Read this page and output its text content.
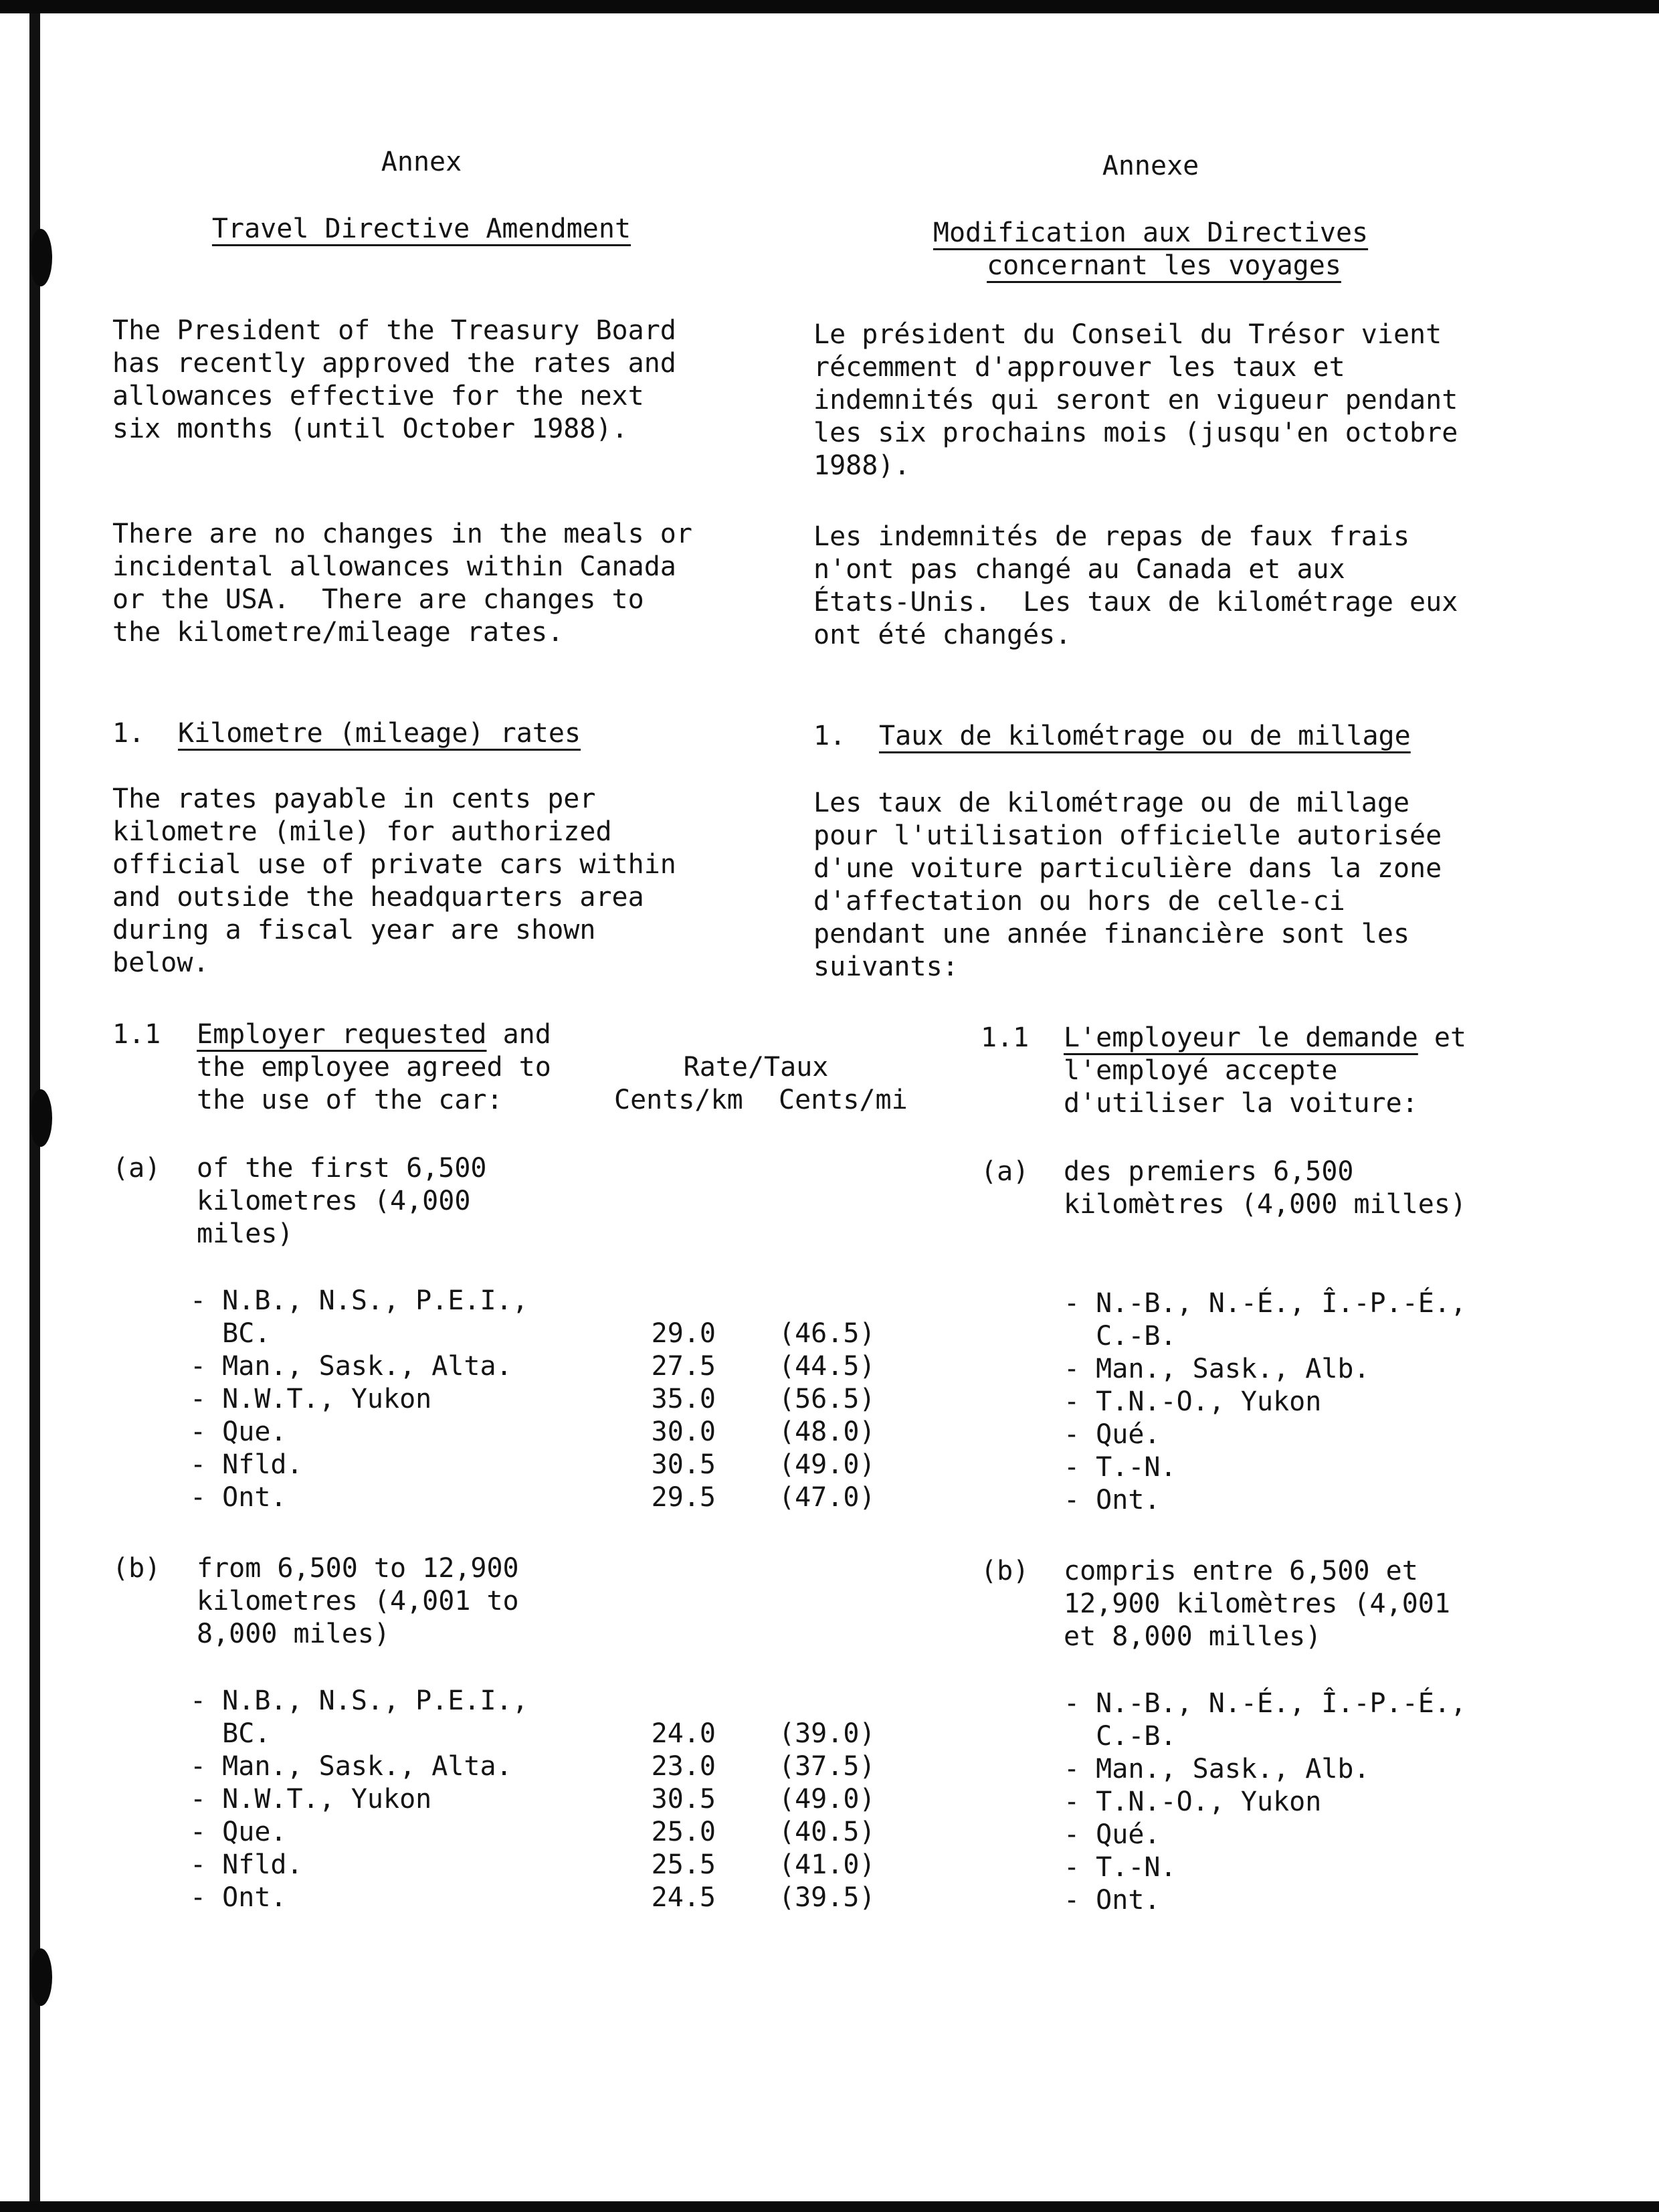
Annex
Travel Directive Amendment
The President of the Treasury Board
has recently approved the rates and
allowances effective for the next
six months (until October 1988).
There are no changes in the meals or
incidental allowances within Canada
or the USA.  There are changes to
the kilometre/mileage rates.
1. Kilometre (mileage) rates
The rates payable in cents per
kilometre (mile) for authorized
official use of private cars within
and outside the headquarters area
during a fiscal year are shown
below.
1.1 Employer requested and
the employee agreed to
the use of the car:
(a) of the first 6,500
kilometres (4,000
miles)
- N.B., N.S., P.E.I.,
BC.
- Man., Sask., Alta.
- N.W.T., Yukon
- Que.
- Nfld.
- Ont.
(b) from 6,500 to 12,900
kilometres (4,001 to
8,000 miles)
- N.B., N.S., P.E.I.,
BC.
- Man., Sask., Alta.
- N.W.T., Yukon
- Que.
- Nfld.
- Ont.
Rate/Taux
Cents/km Cents/mi
29.0 (46.5)
27.5 (44.5)
35.0 (56.5)
30.0 (48.0)
30.5 (49.0)
29.5 (47.0)
24.0 (39.0)
23.0 (37.5)
30.5 (49.0)
25.0 (40.5)
25.5 (41.0)
24.5 (39.5)
Annexe
Modification aux Directives
concernant les voyages
Le président du Conseil du Trésor vient
récemment d'approuver les taux et
indemnités qui seront en vigueur pendant
les six prochains mois (jusqu'en octobre
1988).
Les indemnités de repas de faux frais
n'ont pas changé au Canada et aux
États-Unis.  Les taux de kilométrage eux
ont été changés.
1. Taux de kilométrage ou de millage
Les taux de kilométrage ou de millage
pour l'utilisation officielle autorisée
d'une voiture particulière dans la zone
d'affectation ou hors de celle-ci
pendant une année financière sont les
suivants:
1.1 L'employeur le demande et
l'employé accepte
d'utiliser la voiture:
(a) des premiers 6,500
kilomètres (4,000 milles)
- N.-B., N.-É., Î.-P.-É.,
C.-B.
- Man., Sask., Alb.
- T.N.-O., Yukon
- Qué.
- T.-N.
- Ont.
(b) compris entre 6,500 et
12,900 kilomètres (4,001
et 8,000 milles)
- N.-B., N.-É., Î.-P.-É.,
C.-B.
- Man., Sask., Alb.
- T.N.-O., Yukon
- Qué.
- T.-N.
- Ont.
